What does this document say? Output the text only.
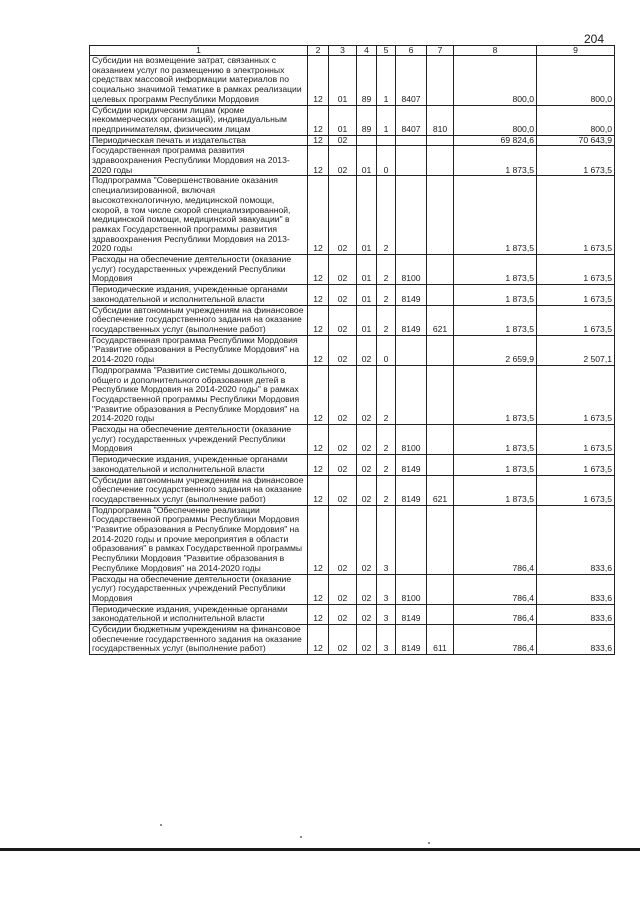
204
1	2	3	4	5	6	7	8	9
Субсидии на возмещение затрат, связанных с оказанием услуг по размещению в электронных средствах массовой информации материалов по социально значимой тематике в рамках реализации целевых программ Республики Мордовия	12	01	89	1	8407		800,0	800,0
Субсидии юридическим лицам (кроме некоммерческих организаций), индивидуальным предпринимателям, физическим лицам	12	01	89	1	8407	810	800,0	800,0
Периодическая печать и издательства	12	02					69 824,6	70 643,9
Государственная программа развития здравоохранения Республики Мордовия на 2013-2020 годы	12	02	01	0			1 873,5	1 673,5
Подпрограмма "Совершенствование оказания специализированной, включая высокотехнологичную, медицинской помощи, скорой, в том числе скорой специализированной, медицинской помощи, медицинской эвакуации" в рамках Государственной программы развития здравоохранения Республики Мордовия на 2013-2020 годы	12	02	01	2			1 873,5	1 673,5
Расходы на обеспечение деятельности (оказание услуг) государственных учреждений Республики Мордовия	12	02	01	2	8100		1 873,5	1 673,5
Периодические издания, учрежденные органами законодательной и исполнительной власти	12	02	01	2	8149		1 873,5	1 673,5
Субсидии автономным учреждениям на финансовое обеспечение государственного задания на оказание государственных услуг (выполнение работ)	12	02	01	2	8149	621	1 873,5	1 673,5
Государственная программа Республики Мордовия "Развитие образования в Республике Мордовия" на 2014-2020 годы	12	02	02	0			2 659,9	2 507,1
Подпрограмма "Развитие системы дошкольного, общего и дополнительного образования детей в Республике Мордовия на 2014-2020 годы" в рамках Государственной программы Республики Мордовия "Развитие образования в Республике Мордовия" на 2014-2020 годы	12	02	02	2			1 873,5	1 673,5
Расходы на обеспечение деятельности (оказание услуг) государственных учреждений Республики Мордовия	12	02	02	2	8100		1 873,5	1 673,5
Периодические издания, учрежденные органами законодательной и исполнительной власти	12	02	02	2	8149		1 873,5	1 673,5
Субсидии автономным учреждениям на финансовое обеспечение государственного задания на оказание государственных услуг (выполнение работ)	12	02	02	2	8149	621	1 873,5	1 673,5
Подпрограмма "Обеспечение реализации Государственной программы Республики Мордовия "Развитие образования в Республике Мордовия" на 2014-2020 годы и прочие мероприятия в области образования" в рамках Государственной программы Республики Мордовия "Развитие образования в Республике Мордовия" на 2014-2020 годы	12	02	02	3			786,4	833,6
Расходы на обеспечение деятельности (оказание услуг) государственных учреждений Республики Мордовия	12	02	02	3	8100		786,4	833,6
Периодические издания, учрежденные органами законодательной и исполнительной власти	12	02	02	3	8149		786,4	833,6
Субсидии бюджетным учреждениям на финансовое обеспечение государственного задания на оказание государственных услуг (выполнение работ)	12	02	02	3	8149	611	786,4	833,6
